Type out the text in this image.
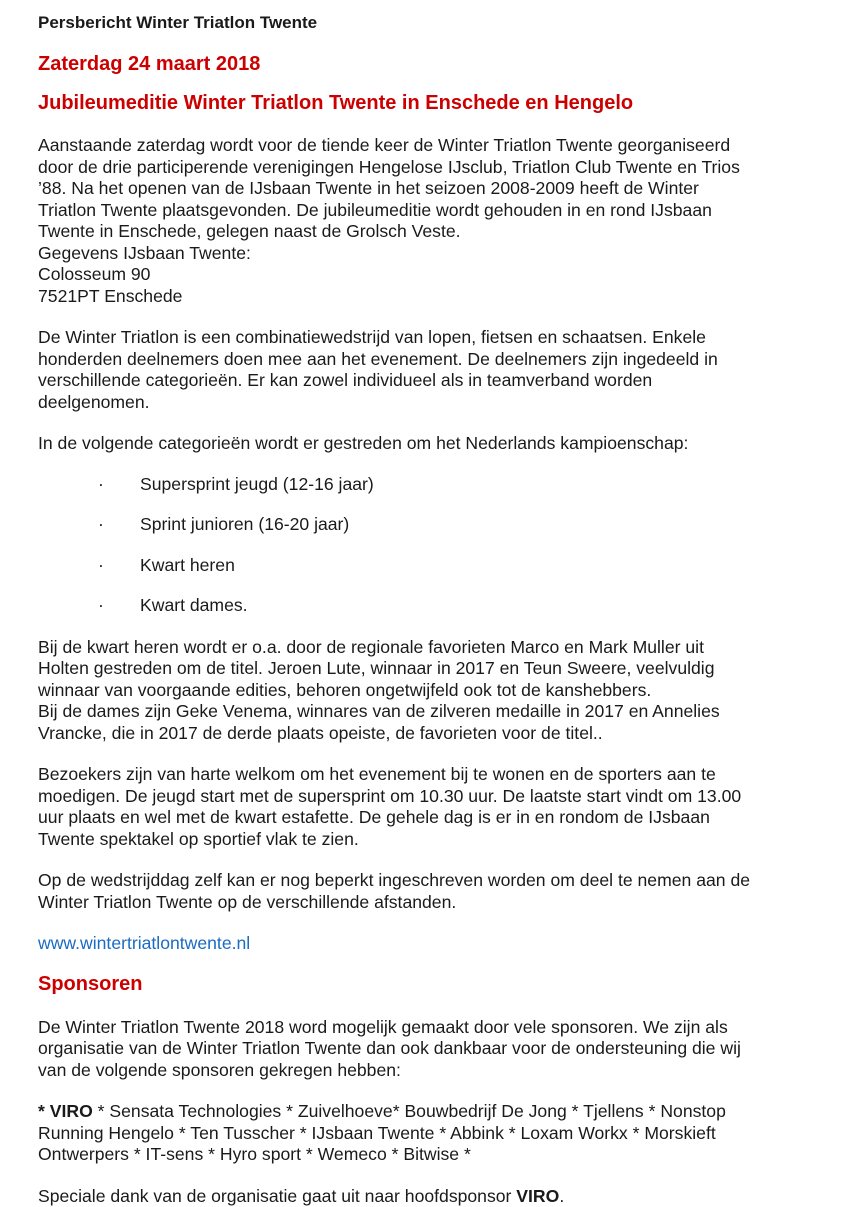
Persbericht Winter Triatlon Twente
Zaterdag 24 maart 2018
Jubileumeditie Winter Triatlon Twente in Enschede en Hengelo

Aanstaande zaterdag wordt voor de tiende keer de Winter Triatlon Twente georganiseerd
door de drie participerende verenigingen Hengelose IJsclub, Triatlon Club Twente en Trios
’88. Na het openen van de IJsbaan Twente in het seizoen 2008-2009 heeft de Winter
Triatlon Twente plaatsgevonden. De jubileumeditie wordt gehouden in en rond IJsbaan
Twente in Enschede, gelegen naast de Grolsch Veste.
Gegevens IJsbaan Twente:
Colosseum 90
7521PT Enschede

De Winter Triatlon is een combinatiewedstrijd van lopen, fietsen en schaatsen. Enkele
honderden deelnemers doen mee aan het evenement. De deelnemers zijn ingedeeld in
verschillende categorieën. Er kan zowel individueel als in teamverband worden
deelgenomen.

In de volgende categorieën wordt er gestreden om het Nederlands kampioenschap:

·	Supersprint jeugd (12-16 jaar)
·	Sprint junioren (16-20 jaar)
·	Kwart heren
·	Kwart dames.

Bij de kwart heren wordt er o.a. door de regionale favorieten Marco en Mark Muller uit
Holten gestreden om de titel. Jeroen Lute, winnaar in 2017 en Teun Sweere, veelvuldig
winnaar van voorgaande edities, behoren ongetwijfeld ook tot de kanshebbers.
Bij de dames zijn Geke Venema, winnares van de zilveren medaille in 2017 en Annelies
Vrancke, die in 2017 de derde plaats opeiste, de favorieten voor de titel..

Bezoekers zijn van harte welkom om het evenement bij te wonen en de sporters aan te
moedigen. De jeugd start met de supersprint om 10.30 uur. De laatste start vindt om 13.00
uur plaats en wel met de kwart estafette. De gehele dag is er in en rondom de IJsbaan
Twente spektakel op sportief vlak te zien.

Op de wedstrijddag zelf kan er nog beperkt ingeschreven worden om deel te nemen aan de
Winter Triatlon Twente op de verschillende afstanden.

www.wintertriatlontwente.nl

Sponsoren

De Winter Triatlon Twente 2018 word mogelijk gemaakt door vele sponsoren. We zijn als
organisatie van de Winter Triatlon Twente dan ook dankbaar voor de ondersteuning die wij
van de volgende sponsoren gekregen hebben:

* VIRO * Sensata Technologies * Zuivelhoeve* Bouwbedrijf De Jong * Tjellens * Nonstop
Running Hengelo * Ten Tusscher * IJsbaan Twente * Abbink * Loxam Workx * Morskieft
Ontwerpers * IT-sens * Hyro sport * Wemeco * Bitwise *

Speciale dank van de organisatie gaat uit naar hoofdsponsor VIRO.
